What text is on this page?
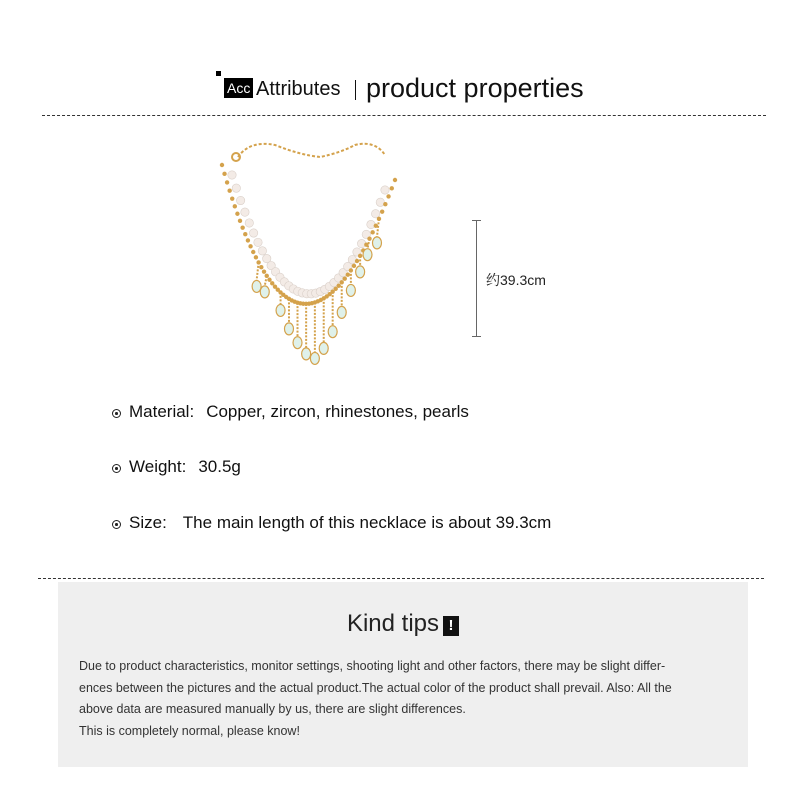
Acc Attributes product properties
约39.3cm
Material: Copper, zircon, rhinestones, pearls
Weight: 30.5g
Size: The main length of this necklace is about 39.3cm
Kind tips !
Due to product characteristics, monitor settings, shooting light and other factors, there may be slight differ-
ences between the pictures and the actual product.The actual color of the product shall prevail. Also: All the
above data are measured manually by us, there are slight differences.
This is completely normal, please know!
